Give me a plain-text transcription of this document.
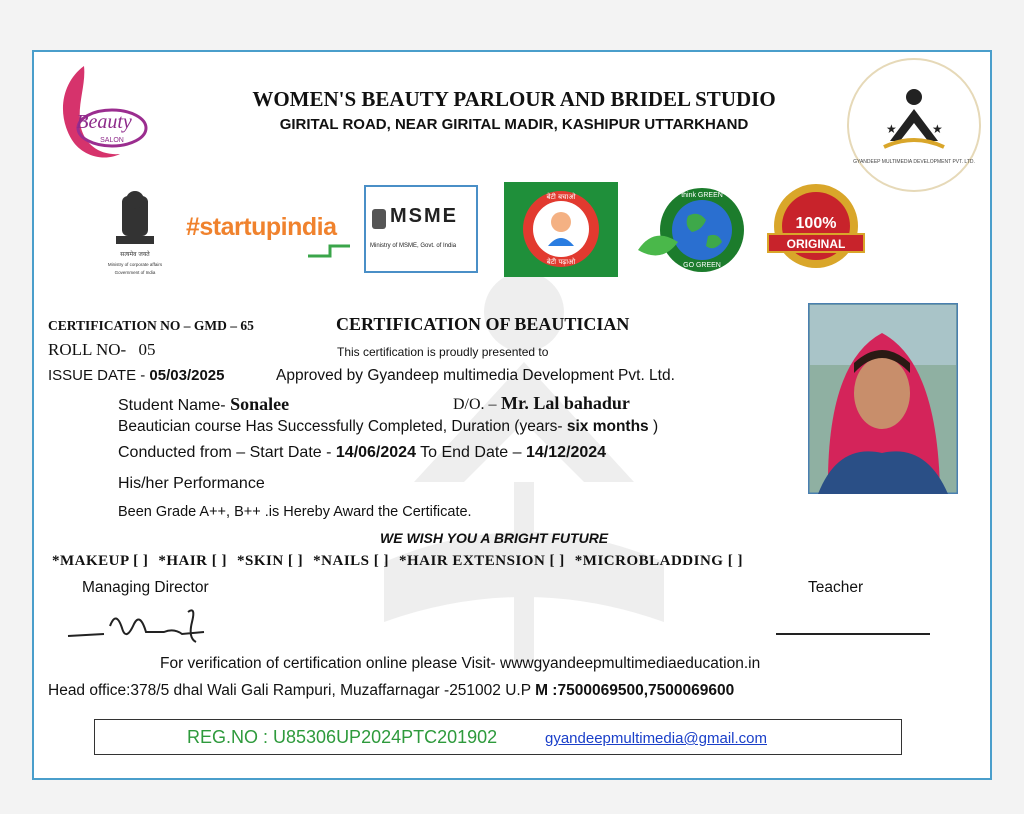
Beauty
SALON
WOMEN'S BEAUTY PARLOUR AND BRIDEL STUDIO
GIRITAL ROAD, NEAR GIRITAL MADIR, KASHIPUR UTTARKHAND	★	★
GYANDEEP MULTIMEDIA DEVELOPMENT PVT. LTD.
सत्यमेव जयते
Ministry of corporate affairs
Government of India
#startupindia	MSME
Ministry of MSME, Govt. of India
बेटी बचाओ
बेटी पढ़ाओ
think GREEN
GO GREEN
100%
ORIGINAL
CERTIFICATION NO – GMD – 65	CERTIFICATION OF BEAUTICIAN
ROLL NO- 05	This certification is proudly presented to
ISSUE DATE - 05/03/2025	Approved by Gyandeep multimedia Development Pvt. Ltd.
Student Name- Sonalee	D/O. – Mr. Lal bahadur
Beautician course Has Successfully Completed, Duration (years- six months )
Conducted from – Start Date - 14/06/2024 To End Date – 14/12/2024
His/her Performance
Been Grade A++, B++ .is Hereby Award the Certificate.
WE WISH YOU A BRIGHT FUTURE
*MAKEUP [ ] *HAIR [ ] *SKIN [ ] *NAILS [ ] *HAIR EXTENSION [ ] *MICROBLADDING [ ]
Managing Director	Teacher
For verification of certification online please Visit- wwwgyandeepmultimediaeducation.in
Head office:378/5 dhal Wali Gali Rampuri, Muzaffarnagar -251002 U.P M :7500069500,7500069600
REG.NO : U85306UP2024PTC201902	gyandeepmultimedia@gmail.com
